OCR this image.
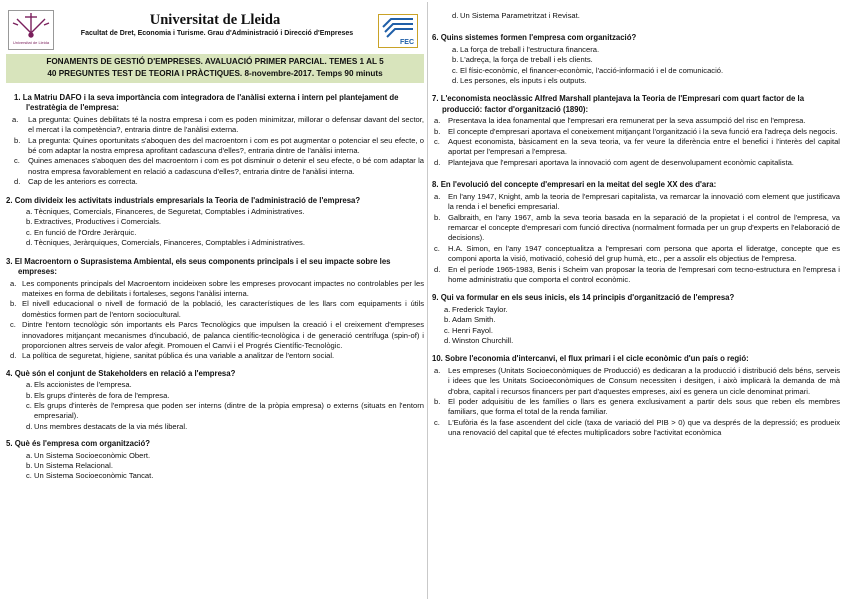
Universitat de Lleida
Universitat de Lleida
Facultat de Dret, Economia i Turisme. Grau d'Administració i Direcció d'Empreses
FEC
FONAMENTS DE GESTIÓ D'EMPRESES. AVALUACIÓ PRIMER PARCIAL. TEMES 1 AL 5
40 PREGUNTES TEST DE TEORIA I PRÀCTIQUES. 8-novembre-2017. Temps 90 minuts
1. La Matriu DAFO i la seva importància com integradora de l'anàlisi externa i intern pel plantejament de l'estratègia de l'empresa:
a. La pregunta: Quines debilitats té la nostra empresa i com es poden minimitzar, millorar o defensar davant del sector, el mercat i la competència?, entraria dintre de l'anàlisi externa.
b. La pregunta: Quines oportunitats s'aboquen des del macroentorn i com es pot augmentar o potenciar el seu efecte, o bé com adaptar la nostra empresa aprofitant cadascuna d'elles?, entraria dintre de l'anàlisi interna.
c. Quines amenaces s'aboquen des del macroentorn i com es pot disminuir o detenir el seu efecte, o bé com adaptar la nostra empresa favorablement en relació a cadascuna d'elles?, entraria dintre de l'anàlisi interna.
d. Cap de les anteriors es correcta.
2. Com divideix les activitats industrials empresarials la Teoria de l'administració de l'empresa?
a. Tècniques, Comercials, Financeres, de Seguretat, Comptables i Administratives.
b. Extractives, Productives i Comercials.
c. En funció de l'Ordre Jeràrquic.
d. Tècniques, Jeràrquiques, Comercials, Financeres, Comptables i Administratives.
3. El Macroentorn o Suprasistema Ambiental, els seus components principals i el seu impacte sobre les empreses:
a. Les components principals del Macroentorn incideixen sobre les empreses provocant impactes no controlables per les mateixes en forma de debilitats i fortaleses, segons l'anàlisi interna.
b. El nivell educacional o nivell de formació de la població, les característiques de les llars com equipaments i útils domèstics formen part de l'entorn sociocultural.
c. Dintre l'entorn tecnològic són importants els Parcs Tecnològics que impulsen la creació i el creixement d'empreses innovadores mitjançant mecanismes d'incubació, de palanca científic-tecnològica i de generació centrífuga (spin-of) i proporcionen altres serveis de valor afegit. Promouen el Canvi i el Progrés Científic-Tecnològic.
d. La política de seguretat, higiene, sanitat pública és una variable a analitzar de l'entorn social.
4. Què són el conjunt de Stakeholders en relació a l'empresa?
a. Els accionistes de l'empresa.
b. Els grups d'interès de fora de l'empresa.
c. Els grups d'interès de l'empresa que poden ser interns (dintre de la pròpia empresa) o externs (situats en l'entorn empresarial).
d. Uns membres destacats de la via més liberal.
5. Què és l'empresa com organització?
a. Un Sistema Socioeconòmic Obert.
b. Un Sistema Relacional.
c. Un Sistema Socioeconòmic Tancat.
d. Un Sistema Parametritzat i Revisat.
6. Quins sistemes formen l'empresa com organització?
a. La força de treball i l'estructura financera.
b. L'adreça, la força de treball i els clients.
c. El físic-econòmic, el financer-econòmic, l'acció-informació i el de comunicació.
d. Les persones, els inputs i els outputs.
7. L'economista neoclàssic Alfred Marshall plantejava la Teoria de l'Empresari com quart factor de la producció: factor d'organització (1890):
a. Presentava la idea fonamental que l'empresari era remunerat per la seva assumpció del risc en l'empresa.
b. El concepte d'empresari aportava el coneixement mitjançant l'organització i la seva funció era l'adreça dels negocis.
c. Aquest economista, bàsicament en la seva teoria, va fer veure la diferència entre el benefici i l'interès del capital aportat per l'empresari a l'empresa.
d. Plantejava que l'empresari aportava la innovació com agent de desenvolupament econòmic capitalista.
8. En l'evolució del concepte d'empresari en la meitat del segle XX des d'ara:
a. En l'any 1947, Knight, amb la teoria de l'empresari capitalista, va remarcar la innovació com element que justificava la renda i el benefici empresarial.
b. Galbraith, en l'any 1967, amb la seva teoria basada en la separació de la propietat i el control de l'empresa, va remarcar el concepte d'empresari com funció directiva (normalment formada per un grup d'experts en l'elaboració de decisions).
c. H.A. Simon, en l'any 1947 conceptualitza a l'empresari com persona que aporta el lideratge, concepte que es componi aporta la visió, motivació, cohesió del grup humà, etc., per a assolir els objectius de l'empresa.
d. En el període 1965-1983, Benis i Scheim van proposar la teoria de l'empresari com tecno-estructura en l'empresa i home administratiu que comporta el control econòmic.
9. Qui va formular en els seus inicis, els 14 principis d'organització de l'empresa?
a. Frederick Taylor.
b. Adam Smith.
c. Henri Fayol.
d. Winston Churchill.
10. Sobre l'economia d'intercanvi, el flux primari i el cicle econòmic d'un país o regió:
a. Les empreses (Unitats Socioeconòmiques de Producció) es dedicaran a la producció i distribució dels béns, serveis i idees que les Unitats Socioeconòmiques de Consum necessiten i desitgen, i això implicarà la demanda de mà d'obra, capital i recursos financers per part d'aquestes empreses, així es genera un cicle denominat primari.
b. El poder adquisitiu de les famílies o llars es genera exclusivament a partir dels sous que reben els membres familiars, que forma el total de la renda familiar.
c. L'Eufòria és la fase ascendent del cicle (taxa de variació del PIB > 0) que va després de la depressió; es produeix una renovació del capital que té efectes multiplicadors sobre l'activitat econòmica
